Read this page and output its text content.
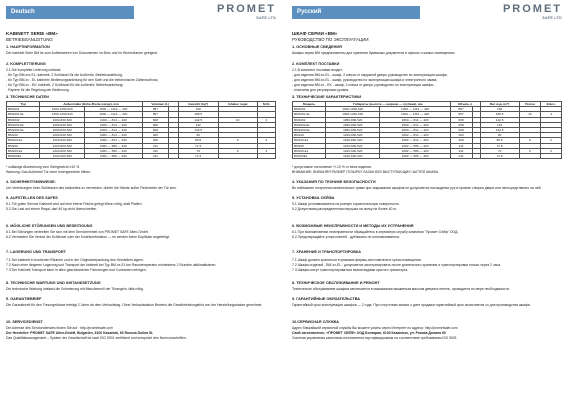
Deutsch	PROMET
SAFE LTD
KABINETT SERIE «BM»
BETRIEBSANLEITUNG
1. HAUPTINFORMATION
Der kabinett Serie BM ist zum Aufbewahren von Dokumenten im Büro und im Wohnräumen geeignet.
2. KOMPLETTIERUNG
2.1 Die komplette Lieferung umfasst:
- für Typ BM-xxx EL: kabinett, 2 Schlüssel für die Außentür, Betriebsanleitung;
- für Typ BM-xx - EL kabinett: Bedienungsanleitung für den Safe und die elektronische Zahlenschloss;
- für Typ BM-xx - EK: kabinett, 2 Schlüssel für die Außentür, Betriebsanleitung;
- Papiere für die Regelung der Bedienung.
3. TECHNISCHE DATEN
Typ	Außenmaße (Höhe-Breite-Länge), mm		Volumen (L)		Gewicht (kg*)	Inhaber regal	Schl.
BM1001	1000-1250-520	1000 — 1114 — 420	857		160		
BM1001.EL	1250-1250-520	1000 — 1114 — 420	857		168.5		
BM1002	1000-830-520	1000 — 814 — 420	608		142.5	10	4
BM1002.EL	1000-830-520	1000 — 814 — 420	608		142		
BM1002.EL	1000-830-520	1000 — 814 — 420	608		142.5		
BM120	1220-830-520	1082 — 814 — 420	400		90		
BM120.EL	1220-830-520	1082 — 814 — 420	400		80.5	6	2
BM100	1220-600-520	1082 — 586 — 420	211		71.5		
BM100.EL	1220-600-520	1082 — 586 — 420	211		70	6	2
BM100EL	1220-600-520	1082 — 586 — 420	211		71.5		
* zulässige Abweichung vom Gelegewicht ±10 %.
Warnung: Das Außenteil Tür ohne Innengewichte öffnen.
4. SICHERHEITSHINWEISE:
Um Verletzungen beim Schliessen des kabinettes zu vermeiden, dürfen die Hände außer Reichweite der Tür sein.
5. AUFSTELLEN DES SAFES
5.1 Für guten Service Kabinett wird auf eine ebene Fläche gelegt.Wenn nötig, statt Platten.
5.2 Die Last auf einem Regal, darf 40 kg nicht überschreiten.
6. MÖGLICHE STÖRUNGEN UND BESEITIGUNG
6.1 Bei Störungen verbreiten Sie sich mit dem Serviceeinheit von PROMET SAFE Alien-GmbH.
6.2 Vermeiden Sie Verlust der Schlüssel oder der Kodekombination — es werden keine Duplikate angefertigt.
7. LAGERUNG UND TRANSPORT
7.1 Der kabinett in trockenen Räumen und in der Originalverpackung des Herstellers lagern.
7.2 Nach einer längeren Lagerung und Transport der kabinett bei Typ BM-xx-EL bei Raumtemperatur mindestens 2 Stunden akklimatisieren.
7.3 Der Kabinett Transport kann in allen geschlossenen Fahrzeugen und Containern erfolgen.
8. TECHNISCHE WARTUNG UND INSTANDSETZUNG
Die technische Wartung umfasst die Schmierung mit Maschinenöl der Türangeln, falls nötig.
9. GARANTIEBRIEF
Die Garantiezeit für den Tresorgehäuse beträgt 2 Jahre ab dem Verkaufstag. Ohne Verkaufsdatum Beweist die Gewährleistungsfrist von der Herstellungsdatum gerechnet.
10. SERVICEDIENST
Die Adresse des Servicedienstes finden Sie auf : http://prometsafe.com
Der Hersteller: PROMET SAFE Alien-GmbH, Bulgarien, 6100 Kasanlak, 60 Rossva Dolina St.
Das Qualitätsmanagement – System der Gesellschaft ist nach ISO 9001 zertifiziert und entspricht den Normvorschriften.
Русский	PROMET
SAFE LTD
ШКАФ СЕРИИ «BM»
РУКОВОДСТВО ПО ЭКСПЛУАТАЦИИ
1. ОСНОВНЫЕ СВЕДЕНИЯ
Шкафы серии BM предназначены для хранения бумажных документов в офисах и жилых помещениях.
2. КОМПЛЕКТ ПОСТАВКИ
2.1 В комплект поставки входит:
- для изделия BM-xx-EL - шкаф, 2 ключа от наружной двери, руководство по эксплуатации шкафа;
- для изделия BM-xx-EL - шкаф, руководство по эксплуатации шкафа и электронного замка;
- для изделия BM-xx - EK - шкаф, 2 ключа от двери, руководство по эксплуатации шкафа;
- пластины для регулировки уровня.
3. ТЕХНИЧЕСКИЕ ХАРАКТЕРИСТИКИ
Модель	Габариты (высота — ширина — глубина), мм		Объём, л		Вес изд. (кг*)	Полки	Ключ.
BM1001	1000-1250-520	1000 — 1114 — 420	857		160		
BM1001.EL	1000-1250-520	1000 — 1114 — 420	857		168.5	10	4
BM1002	1950-830-520	1800 — 814 — 420	608		142.5		
BM1002.EL	1950-830-520	1800 — 814 — 420	608		142		
BM1002.EL	1950-830-520	1800 — 814 — 420	608		142.5		
BM120	1220-830-520	1082 — 814 — 420	400		90		
BM120.EL	1220-830-520	1082 — 814 — 420	400		80.5	6	2
BM100	1220-600-520	1082 — 586 — 420	211		71.5		
BM100.EL	1220-600-520	1082 — 586 — 420	211		70	6	2
BM100EL	1220-600-520	1082 — 586 — 420	211		71.5		
* допустимое отклонение +/-10 % от веса изделия.
ВНИМАНИЕ: ВНЕШНЯЯ РАЗМЕР ПУЗЫРКУ ЛАЗАН ВЕЗ ВЫСТУПАЮЩИХ ЧАСТЕЙ ШКАФА.
4. УКАЗАНИЯ ПО ТЕХНИКЕ БЕЗОПАСНОСТИ
Во избежание получения механических травм при закрывании шкафов не допускается нахождение рук в проеме створки двери или непосредственно на ней.
5. УСТАНОВКА СЕЙФА
5.1 Шкаф устанавливается на ровную горизонтальную поверхность.
5.2 Допустимая распределенная нагрузка на полку не более 40 кг.
6. ВОЗМОЖНЫЕ НЕИСПРАВНОСТИ И МЕТОДЫ ИХ УСТРАНЕНИЯ
6.1 При возникновении неисправности обращайтесь в сервисную службу компании "Промет Сейф" ООД.
6.2 Предотвращайте утери ключей - дубликаты не изготавливаются.
7. ХРАНЕНИЕ И ТРАНСПОРТИРОВКА
7.1 Шкаф должен храниться в упаковке фирмы-изготовителя в сухом помещении.
7.2 Шкафы изделий - BM-xx-EL - допускается эксплуатировать после длительного хранения и транспортировки только через 2 часа.
7.3 Шкафы могут транспортироваться всеми видами крытого транспорта.
8. ТЕХНИЧЕСКОЕ ОБСЛУЖИВАНИЕ И РЕМОНТ
Техническое обслуживание шкафов заключается в смазывании машинным маслом дверных петель, проводится по мере необходимости.
9. ГАРАНТИЙНЫЕ ОБЯЗАТЕЛЬСТВА
Гарантийный срок эксплуатации шкафов — 2 года. При отсутствии записи о дате продажи гарантийный срок исчисляется со дня производства шкафа.
10.СЕРВИСНАЯ СЛУЖБА
Адрес ближайшей сервисной службы Вы можете узнать через Интернет по адресу: http://prometsafe.com
Свой изготовитель: «ПРОМЕТ СЕЙФ» ООД Болгария, 6100 Казанлык, ул. Розова Долина 60
Система управления качеством изготовителя сертифицирована на соответствие требованиям ISO 9001
